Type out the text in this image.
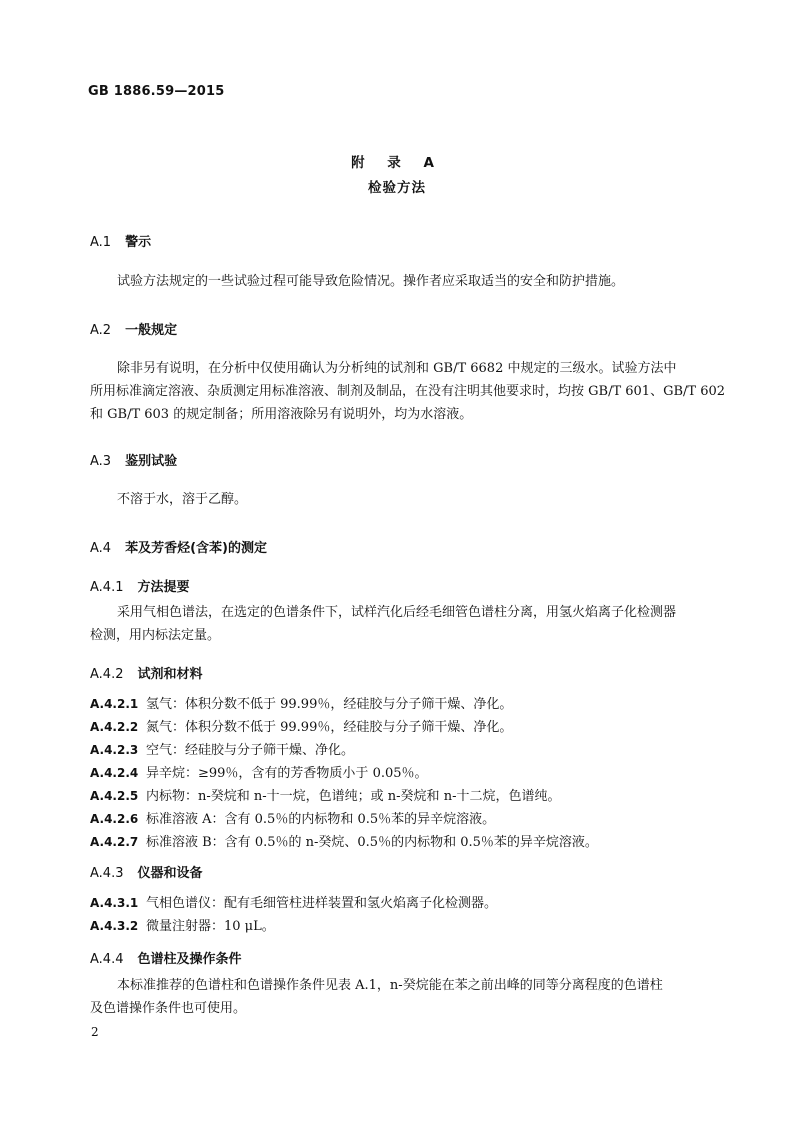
GB 1886.59—2015
附 录 A
检验方法
A.1 警示
试验方法规定的一些试验过程可能导致危险情况。操作者应采取适当的安全和防护措施。
A.2 一般规定
除非另有说明，在分析中仅使用确认为分析纯的试剂和 GB/T 6682 中规定的三级水。试验方法中
所用标准滴定溶液、杂质测定用标准溶液、制剂及制品，在没有注明其他要求时，均按 GB/T 601、GB/T 602
和 GB/T 603 的规定制备；所用溶液除另有说明外，均为水溶液。
A.3 鉴别试验
不溶于水，溶于乙醇。
A.4 苯及芳香烃(含苯)的测定
A.4.1 方法提要
采用气相色谱法，在选定的色谱条件下，试样汽化后经毛细管色谱柱分离，用氢火焰离子化检测器
检测，用内标法定量。
A.4.2 试剂和材料
A.4.2.1 氢气：体积分数不低于 99.99％，经硅胶与分子筛干燥、净化。
A.4.2.2 氮气：体积分数不低于 99.99％，经硅胶与分子筛干燥、净化。
A.4.2.3 空气：经硅胶与分子筛干燥、净化。
A.4.2.4 异辛烷：≥99％，含有的芳香物质小于 0.05％。
A.4.2.5 内标物：n-癸烷和 n-十一烷，色谱纯；或 n-癸烷和 n-十二烷，色谱纯。
A.4.2.6 标准溶液 A：含有 0.5％的内标物和 0.5％苯的异辛烷溶液。
A.4.2.7 标准溶液 B：含有 0.5％的 n-癸烷、0.5％的内标物和 0.5％苯的异辛烷溶液。
A.4.3 仪器和设备
A.4.3.1 气相色谱仪：配有毛细管柱进样装置和氢火焰离子化检测器。
A.4.3.2 微量注射器：10 μL。
A.4.4 色谱柱及操作条件
本标准推荐的色谱柱和色谱操作条件见表 A.1，n-癸烷能在苯之前出峰的同等分离程度的色谱柱
及色谱操作条件也可使用。
2
